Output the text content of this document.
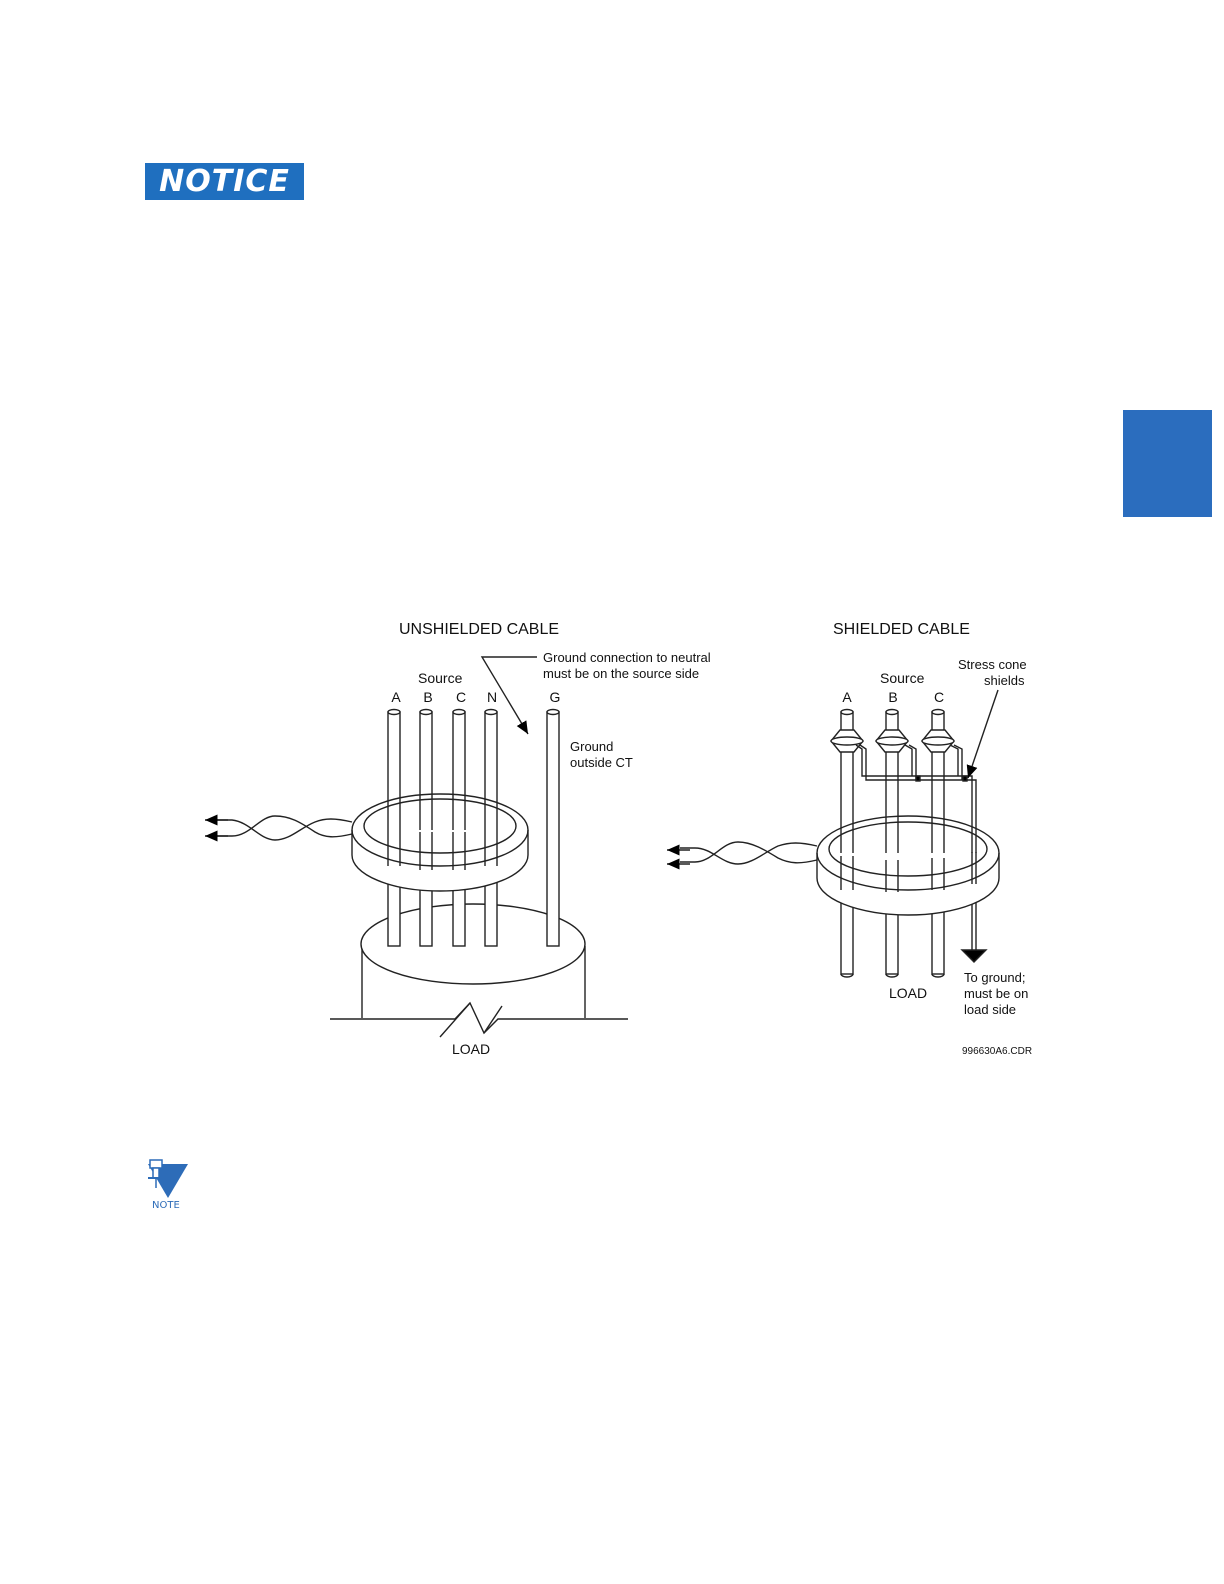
NOTICE
UNSHIELDED CABLE
Source
A B C N	G
Ground connection to neutral
must be on the source side
Ground
outside CT
LOAD
SHIELDED CABLE
Source
A	B	C
Stress cone
shields
LOAD
To ground;
must be on
load side
996630A6.CDR
NOTE
